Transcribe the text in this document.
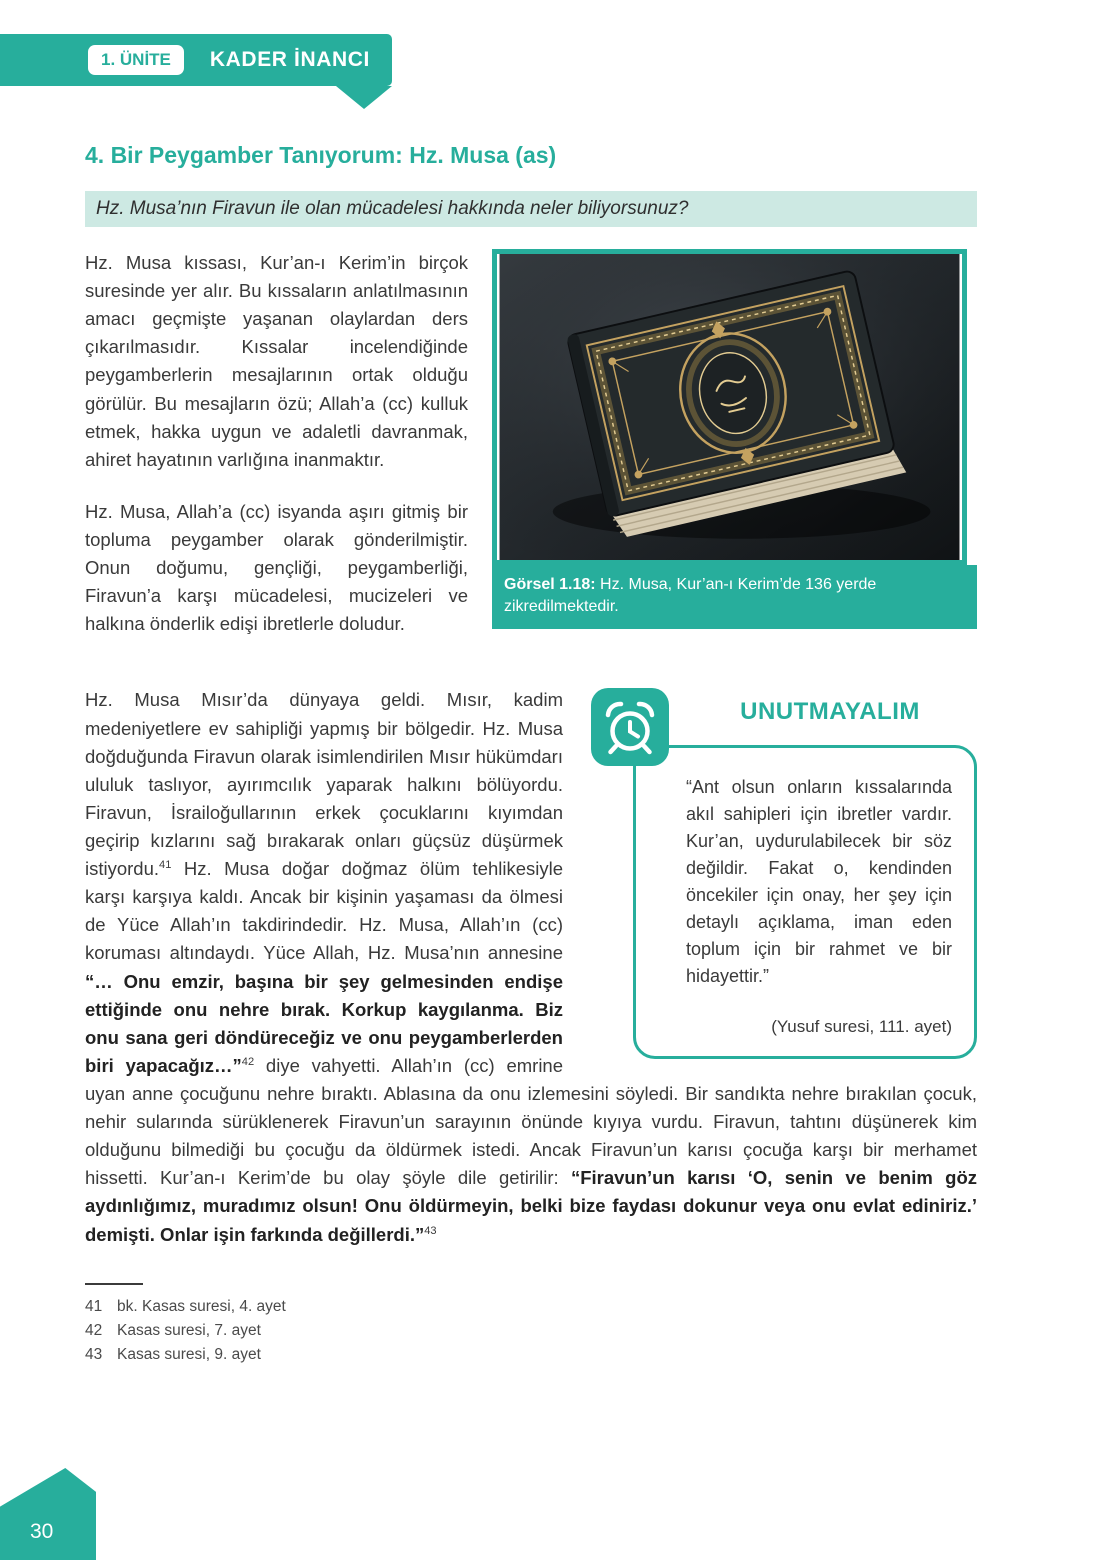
1. ÜNİTE	KADER İNANCI
4. Bir Peygamber Tanıyorum: Hz. Musa (as)
Hz. Musa’nın Firavun ile olan mücadelesi hakkında neler biliyorsunuz?

Hz. Musa kıssası, Kur’an-ı Kerim’in birçok suresinde yer alır. Bu kıssaların anlatılmasının amacı geçmişte yaşanan olaylardan ders çıkarılmasıdır. Kıssalar incelendiğinde peygamberlerin mesajlarının ortak olduğu görülür. Bu mesajların özü; Allah’a (cc) kulluk etmek, hakka uygun ve adaletli davranmak, ahiret hayatının varlığına inanmaktır.

Hz. Musa, Allah’a (cc) isyanda aşırı gitmiş bir topluma peygamber olarak gönderilmiştir. Onun doğumu, gençliği, peygamberliği, Firavun’a karşı mücadelesi, mucizeleri ve halkına önderlik edişi ibretlerle doludur.

Görsel 1.18: Hz. Musa, Kur’an-ı Kerim’de 136 yerde zikredilmektedir.
UNUTMAYALIM

“Ant olsun onların kıssalarında akıl sahipleri için ibretler vardır. Kur’an, uydurulabilecek bir söz değildir. Fakat o, kendinden öncekiler için onay, her şey için detaylı açıklama, iman eden toplum için bir rahmet ve bir hidayettir.”

(Yusuf suresi, 111. ayet)

Hz. Musa Mısır’da dünyaya geldi. Mısır, kadim medeniyetlere ev sahipliği yapmış bir bölgedir. Hz. Musa doğduğunda Firavun olarak isimlendirilen Mısır hükümdarı ululuk taslıyor, ayırımcılık yaparak halkını bölüyordu. Firavun, İsrailoğullarının erkek çocuklarını kıyımdan geçirip kızlarını sağ bırakarak onları güçsüz düşürmek istiyordu.$^{41}$ Hz. Musa doğar doğmaz ölüm tehlikesiyle karşı karşıya kaldı. Ancak bir kişinin yaşaması da ölmesi de Yüce Allah’ın takdirindedir. Hz. Musa, Allah’ın (cc) koruması altındaydı. Yüce Allah, Hz. Musa’nın annesine “… Onu emzir, başına bir şey gelmesinden endişe ettiğinde onu nehre bırak. Korkup kaygılanma. Biz onu sana geri döndüreceğiz ve onu peygamberlerden biri yapacağız…”$^{42}$ diye vahyetti. Allah’ın (cc) emrine uyan anne çocuğunu nehre bıraktı. Ablasına da onu izlemesini söyledi. Bir sandıkta nehre bırakılan çocuk, nehir sularında sürüklenerek Firavun’un sarayının önünde kıyıya vurdu. Firavun, tahtını düşünerek kim olduğunu bilmediği bu çocuğu da öldürmek istedi. Ancak Firavun’un karısı çocuğa karşı bir merhamet hissetti. Kur’an-ı Kerim’de bu olay şöyle dile getirilir: “Firavun’un karısı ‘O, senin ve benim göz aydınlığımız, muradımız olsun! Onu öldürmeyin, belki bize faydası dokunur veya onu evlat ediniriz.’ demişti. Onlar işin farkında değillerdi.”$^{43}$

41 bk. Kasas suresi, 4. ayet
42 Kasas suresi, 7. ayet
43 Kasas suresi, 9. ayet
30
